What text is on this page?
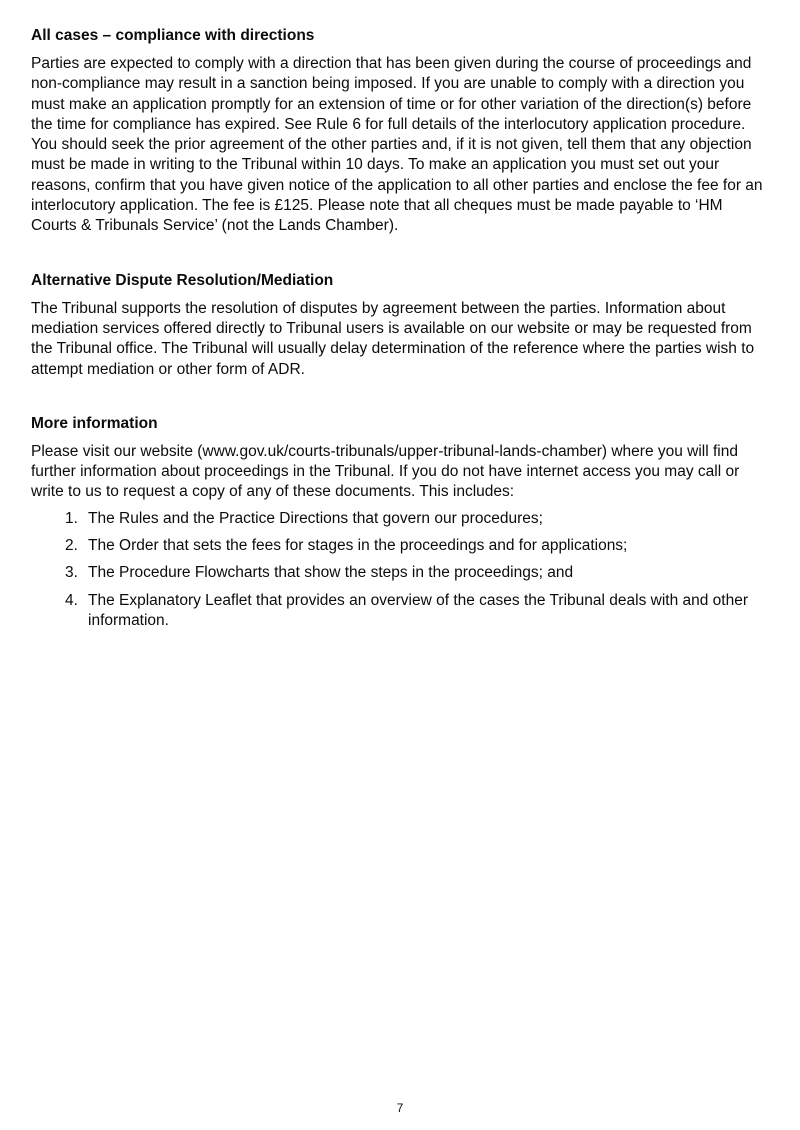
All cases – compliance with directions

Parties are expected to comply with a direction that has been given during the course of proceedings and non-compliance may result in a sanction being imposed. If you are unable to comply with a direction you must make an application promptly for an extension of time or for other variation of the direction(s) before the time for compliance has expired. See Rule 6 for full details of the interlocutory application procedure. You should seek the prior agreement of the other parties and, if it is not given, tell them that any objection must be made in writing to the Tribunal within 10 days. To make an application you must set out your reasons, confirm that you have given notice of the application to all other parties and enclose the fee for an interlocutory application. The fee is £125. Please note that all cheques must be made payable to ‘HM Courts & Tribunals Service’ (not the Lands Chamber).

Alternative Dispute Resolution/Mediation

The Tribunal supports the resolution of disputes by agreement between the parties. Information about mediation services offered directly to Tribunal users is available on our website or may be requested from the Tribunal office. The Tribunal will usually delay determination of the reference where the parties wish to attempt mediation or other form of ADR.

More information

Please visit our website (www.gov.uk/courts-tribunals/upper-tribunal-lands-chamber) where you will find further information about proceedings in the Tribunal. If you do not have internet access you may call or write to us to request a copy of any of these documents. This includes:

1. The Rules and the Practice Directions that govern our procedures;
2. The Order that sets the fees for stages in the proceedings and for applications;
3. The Procedure Flowcharts that show the steps in the proceedings; and
4. The Explanatory Leaflet that provides an overview of the cases the Tribunal deals with and other information.
7
